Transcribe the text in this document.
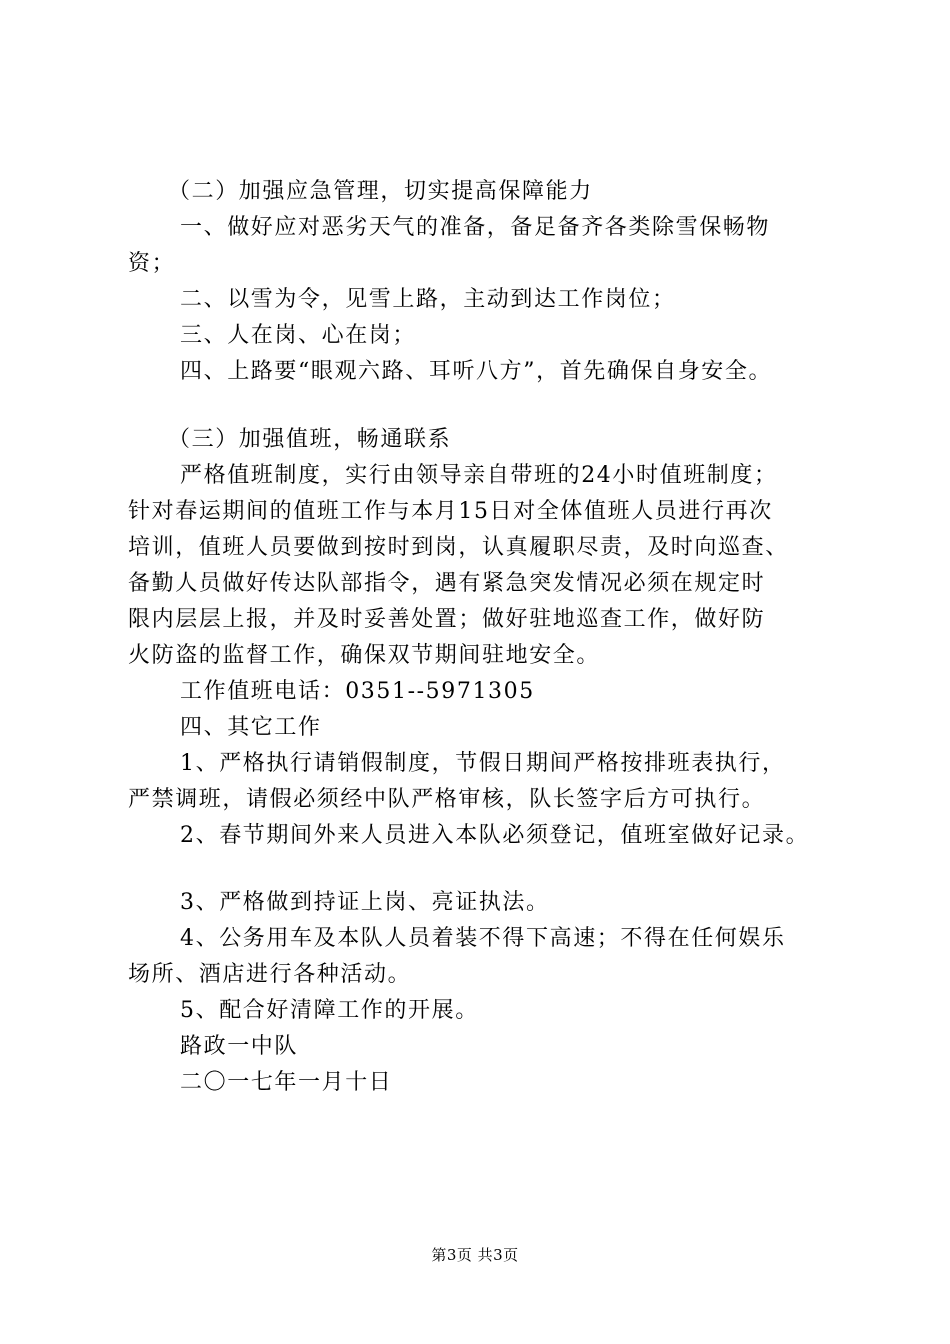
（二）加强应急管理，切实提高保障能力
一、做好应对恶劣天气的准备，备足备齐各类除雪保畅物
资；
二、以雪为令，见雪上路，主动到达工作岗位；
三、人在岗、心在岗；
四、上路要“眼观六路、耳听八方”，首先确保自身安全。
（三）加强值班，畅通联系
严格值班制度，实行由领导亲自带班的24小时值班制度；
针对春运期间的值班工作与本月15日对全体值班人员进行再次
培训，值班人员要做到按时到岗，认真履职尽责，及时向巡查、
备勤人员做好传达队部指令，遇有紧急突发情况必须在规定时
限内层层上报，并及时妥善处置；做好驻地巡查工作，做好防
火防盗的监督工作，确保双节期间驻地安全。
工作值班电话：0351--5971305
四、其它工作
1、严格执行请销假制度，节假日期间严格按排班表执行，
严禁调班，请假必须经中队严格审核，队长签字后方可执行。
2、春节期间外来人员进入本队必须登记，值班室做好记录。
3、严格做到持证上岗、亮证执法。
4、公务用车及本队人员着装不得下高速；不得在任何娱乐
场所、酒店进行各种活动。
5、配合好清障工作的开展。
路政一中队
二〇一七年一月十日
第3页 共3页
